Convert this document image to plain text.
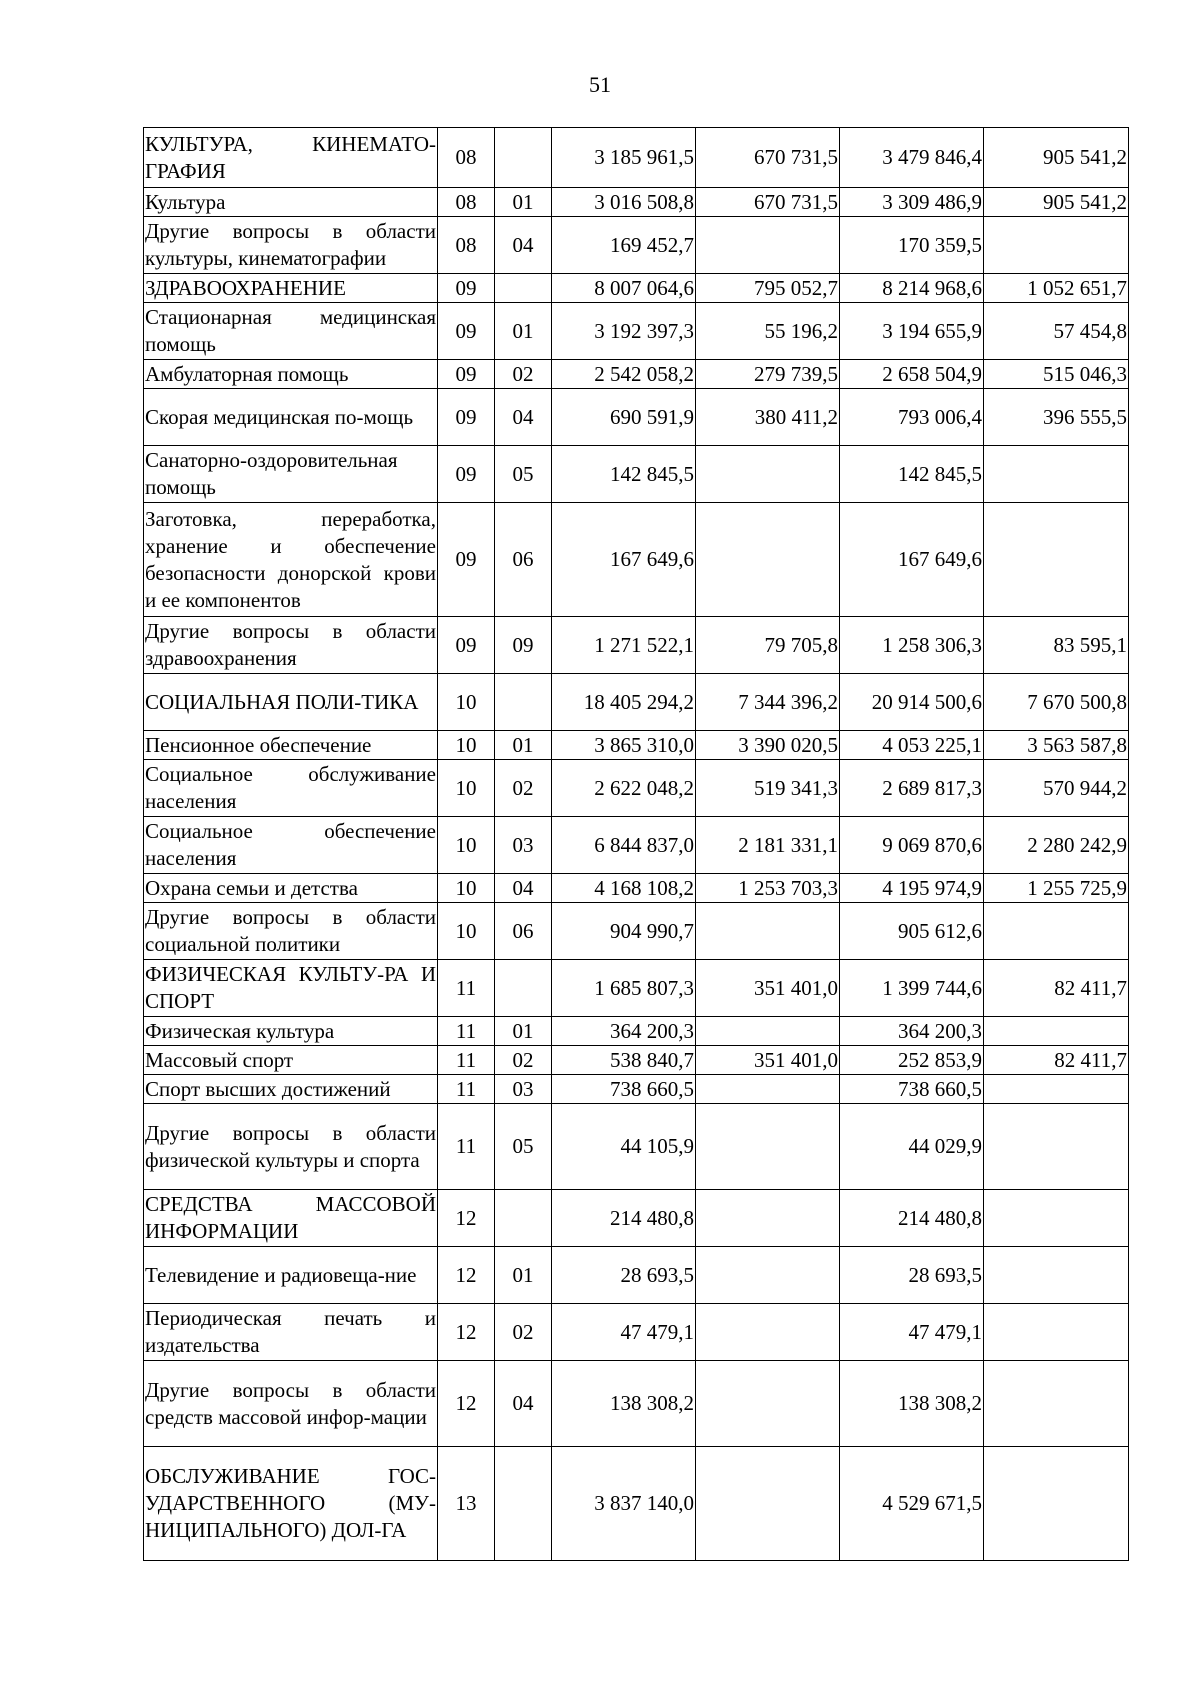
51
КУЛЬТУРА, КИНЕМАТО-ГРАФИЯ	08		3 185 961,5	670 731,5	3 479 846,4	905 541,2
Культура	08	01	3 016 508,8	670 731,5	3 309 486,9	905 541,2
Другие вопросы в области культуры, кинематографии	08	04	169 452,7		170 359,5	
ЗДРАВООХРАНЕНИЕ	09		8 007 064,6	795 052,7	8 214 968,6	1 052 651,7
Стационарная медицинская помощь	09	01	3 192 397,3	55 196,2	3 194 655,9	57 454,8
Амбулаторная помощь	09	02	2 542 058,2	279 739,5	2 658 504,9	515 046,3
Скорая медицинская по-мощь	09	04	690 591,9	380 411,2	793 006,4	396 555,5
Санаторно-оздоровительная помощь	09	05	142 845,5		142 845,5	
Заготовка, переработка, хранение и обеспечение безопасности донорской крови и ее компонентов	09	06	167 649,6		167 649,6	
Другие вопросы в области здравоохранения	09	09	1 271 522,1	79 705,8	1 258 306,3	83 595,1
СОЦИАЛЬНАЯ ПОЛИ-ТИКА	10		18 405 294,2	7 344 396,2	20 914 500,6	7 670 500,8
Пенсионное обеспечение	10	01	3 865 310,0	3 390 020,5	4 053 225,1	3 563 587,8
Социальное обслуживание населения	10	02	2 622 048,2	519 341,3	2 689 817,3	570 944,2
Социальное обеспечение населения	10	03	6 844 837,0	2 181 331,1	9 069 870,6	2 280 242,9
Охрана семьи и детства	10	04	4 168 108,2	1 253 703,3	4 195 974,9	1 255 725,9
Другие вопросы в области социальной политики	10	06	904 990,7		905 612,6	
ФИЗИЧЕСКАЯ КУЛЬТУ-РА И СПОРТ	11		1 685 807,3	351 401,0	1 399 744,6	82 411,7
Физическая культура	11	01	364 200,3		364 200,3	
Массовый спорт	11	02	538 840,7	351 401,0	252 853,9	82 411,7
Спорт высших достижений	11	03	738 660,5		738 660,5	
Другие вопросы в области физической культуры и спорта	11	05	44 105,9		44 029,9	
СРЕДСТВА МАССОВОЙ ИНФОРМАЦИИ	12		214 480,8		214 480,8	
Телевидение и радиовеща-ние	12	01	28 693,5		28 693,5	
Периодическая печать и издательства	12	02	47 479,1		47 479,1	
Другие вопросы в области средств массовой инфор-мации	12	04	138 308,2		138 308,2	
ОБСЛУЖИВАНИЕ ГОС-УДАРСТВЕННОГО (МУ-НИЦИПАЛЬНОГО) ДОЛ-ГА	13		3 837 140,0		4 529 671,5	
